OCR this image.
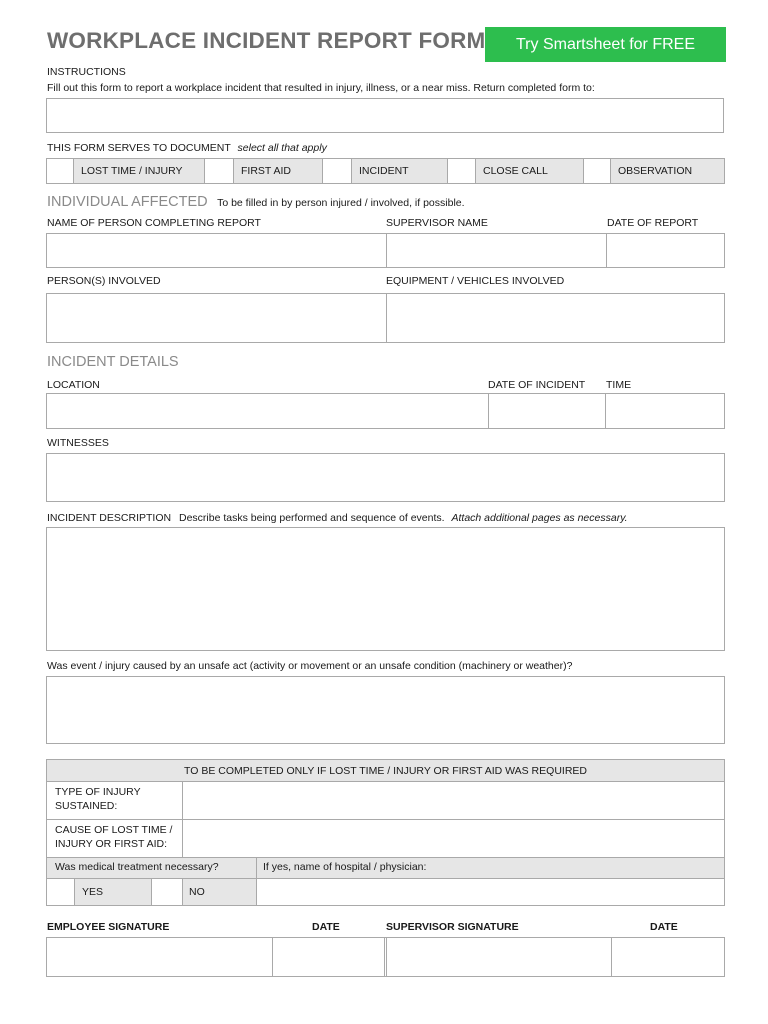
WORKPLACE INCIDENT REPORT FORM	Try Smartsheet for FREE
INSTRUCTIONS
Fill out this form to report a workplace incident that resulted in injury, illness, or a near miss. Return completed form to:
THIS FORM SERVES TO DOCUMENT select all that apply
LOST TIME / INJURY	FIRST AID	INCIDENT	CLOSE CALL	OBSERVATION
INDIVIDUAL AFFECTED To be filled in by person injured / involved, if possible.
NAME OF PERSON COMPLETING REPORT	SUPERVISOR NAME	DATE OF REPORT
PERSON(S) INVOLVED	EQUIPMENT / VEHICLES INVOLVED
INCIDENT DETAILS
LOCATION	DATE OF INCIDENT TIME
WITNESSES
INCIDENT DESCRIPTION Describe tasks being performed and sequence of events. Attach additional pages as necessary.
Was event / injury caused by an unsafe act (activity or movement or an unsafe condition (machinery or weather)?
TO BE COMPLETED ONLY IF LOST TIME / INJURY OR FIRST AID WAS REQUIRED
TYPE OF INJURY
SUSTAINED:
CAUSE OF LOST TIME /
INJURY OR FIRST AID:
Was medical treatment necessary?	If yes, name of hospital / physician:
YES	NO
EMPLOYEE SIGNATURE	DATE	SUPERVISOR SIGNATURE	DATE
